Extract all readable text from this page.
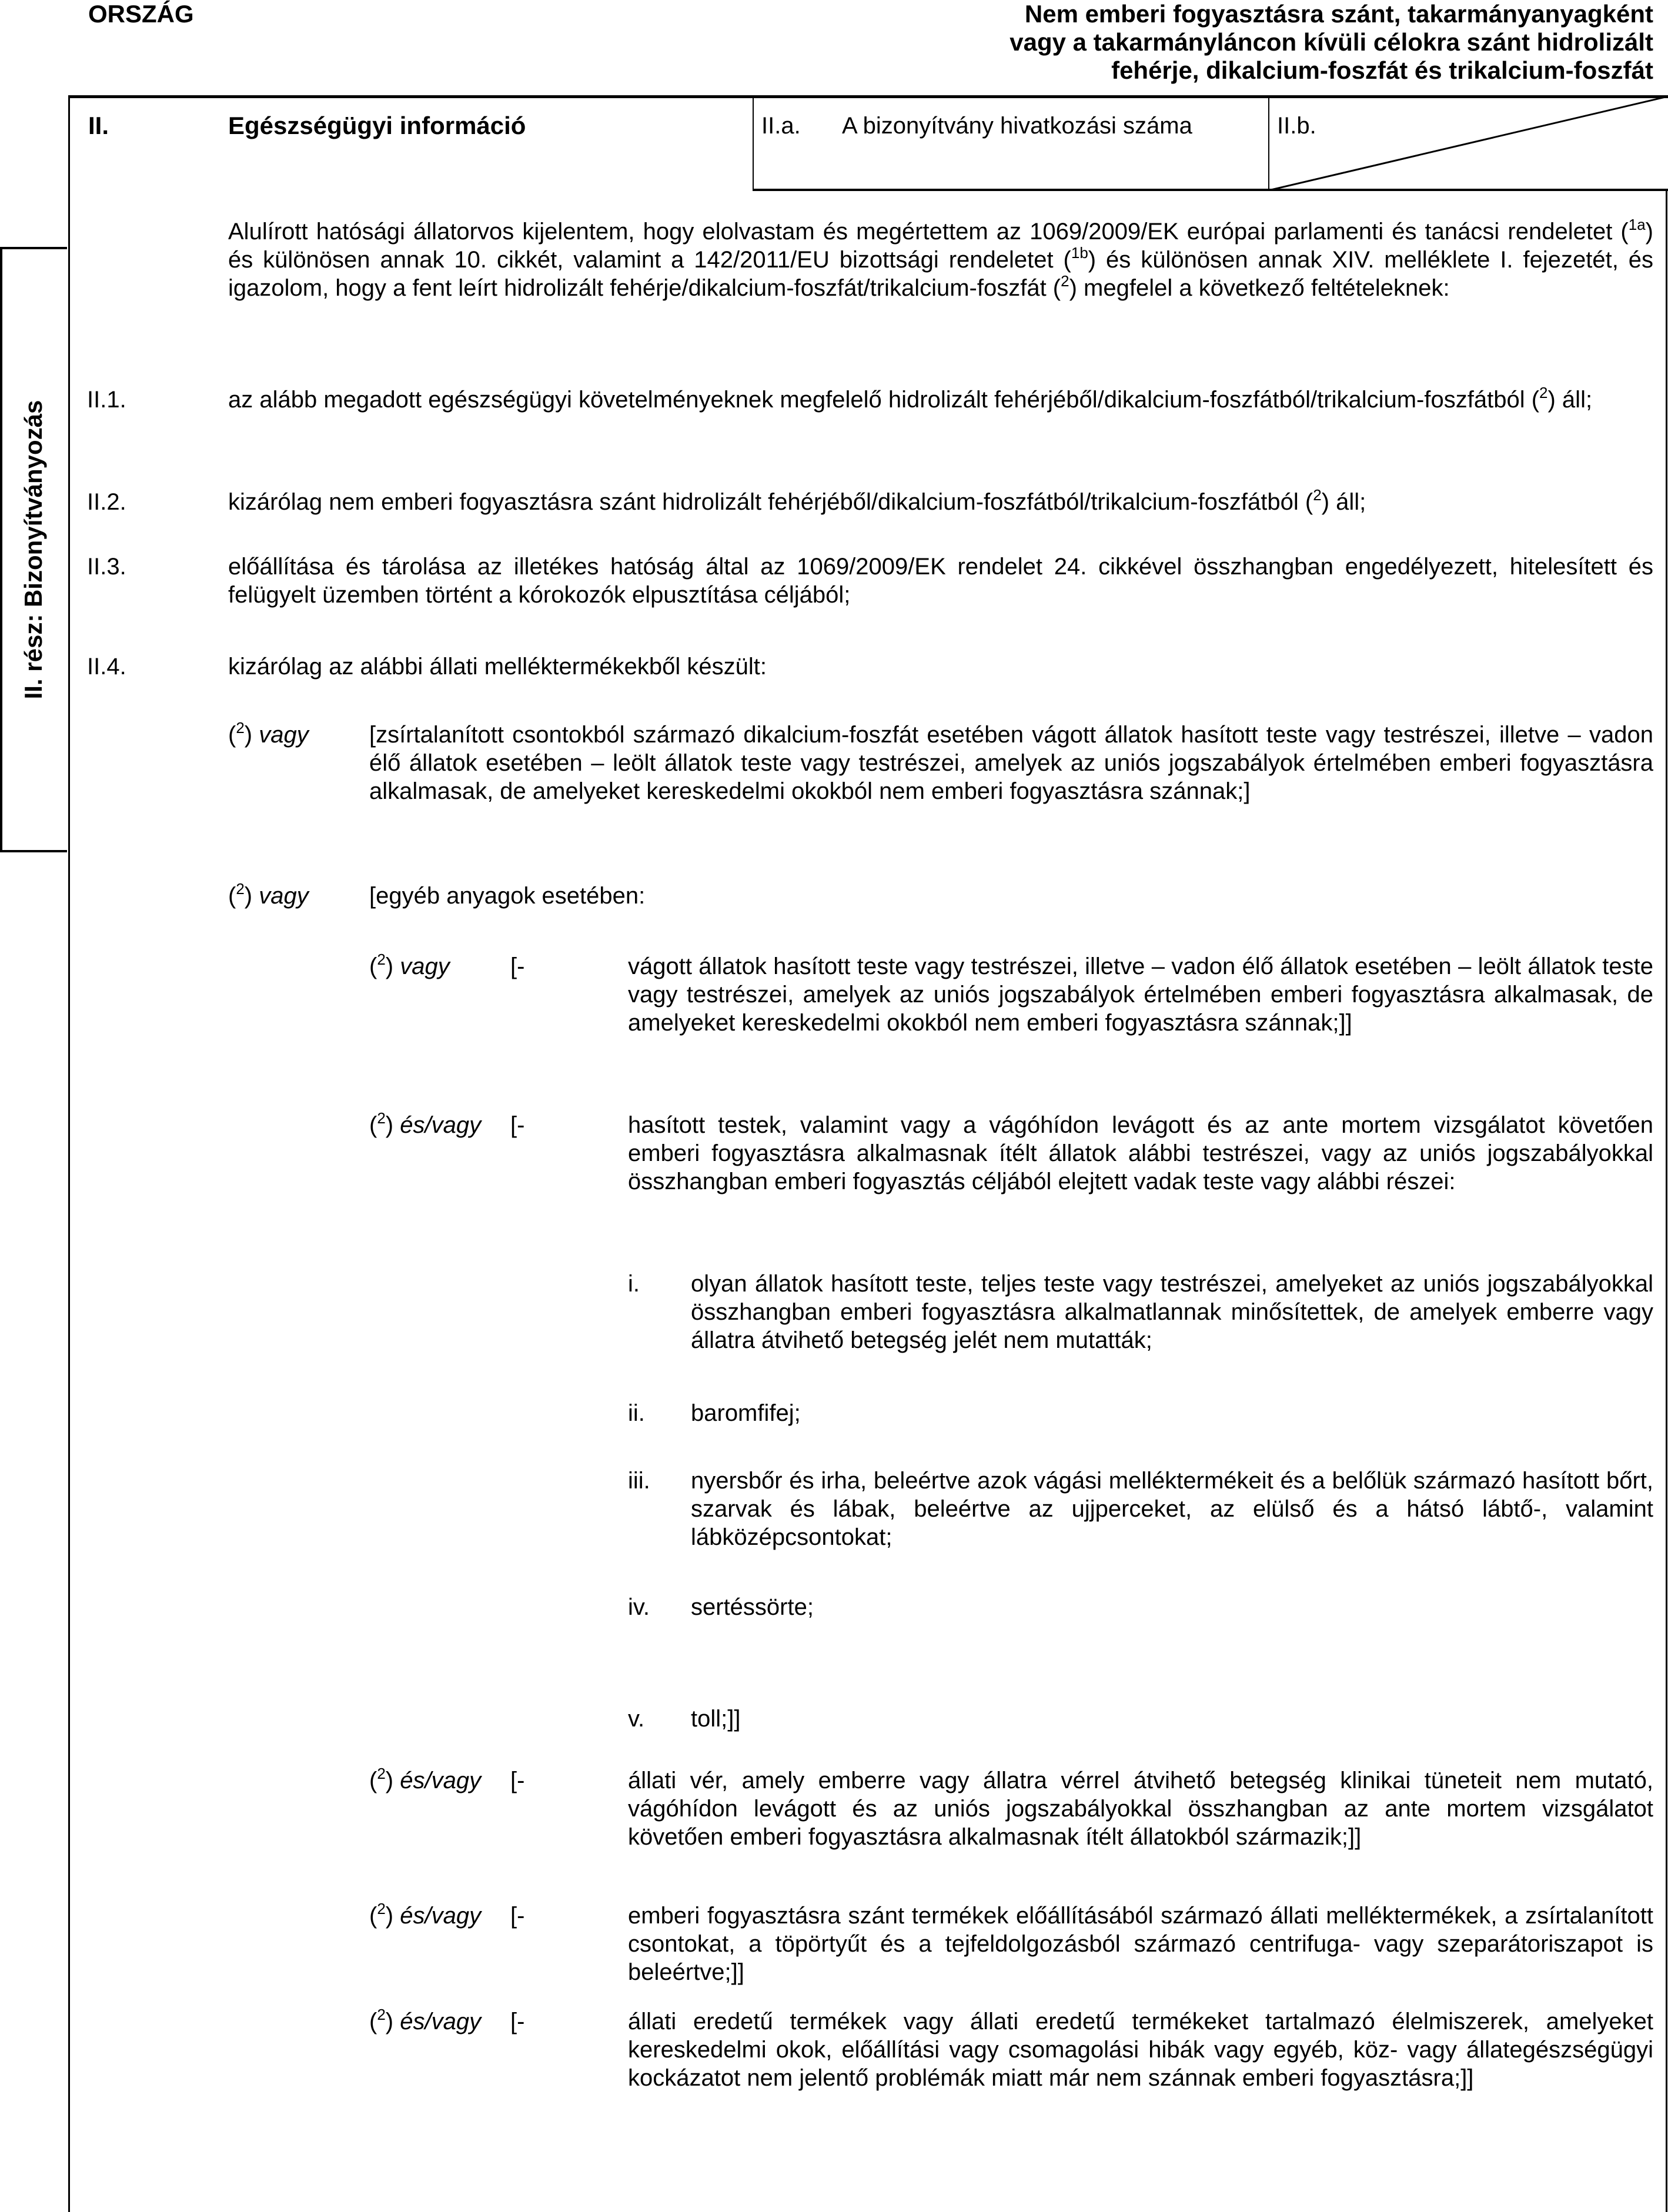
ORSZÁG	Nem emberi fogyasztásra szánt, takarmányanyagként
vagy a takarmányláncon kívüli célokra szánt hidrolizált
fehérje, dikalcium-foszfát és trikalcium-foszfát
II.	Egészségügyi információ	II.a. A bizonyítvány hivatkozási száma	II.b.
II. rész: Bizonyítványozás
Alulírott hatósági állatorvos kijelentem, hogy elolvastam és megértettem az 1069/2009/EK európai parlamenti és tanácsi rendeletet ($^{1a}$) és különösen annak 10. cikkét, valamint a 142/2011/EU bizottsági rendeletet ($^{1b}$) és különösen annak XIV. melléklete I. fejezetét, és igazolom, hogy a fent leírt hidrolizált fehérje/dikalcium-foszfát/trikalcium-foszfát ($^2$) megfelel a következő feltételeknek:
II.1.	az alább megadott egészségügyi követelményeknek megfelelő hidrolizált fehérjéből/dikalcium-foszfátból/trikalcium-foszfátból ($^2$) áll;
II.2.	kizárólag nem emberi fogyasztásra szánt hidrolizált fehérjéből/dikalcium-foszfátból/trikalcium-foszfátból ($^2$) áll;
II.3.	előállítása és tárolása az illetékes hatóság által az 1069/2009/EK rendelet 24. cikkével összhangban engedélyezett, hitelesített és felügyelt üzemben történt a kórokozók elpusztítása céljából;
II.4.	kizárólag az alábbi állati melléktermékekből készült:
($^2$) vagy	[zsírtalanított csontokból származó dikalcium-foszfát esetében vágott állatok hasított teste vagy testrészei, illetve – vadon élő állatok esetében – leölt állatok teste vagy testrészei, amelyek az uniós jogszabályok értelmében emberi fogyasztásra alkalmasak, de amelyeket kereskedelmi okokból nem emberi fogyasztásra szánnak;]
($^2$) vagy	[egyéb anyagok esetében:
($^2$) vagy	[-	vágott állatok hasított teste vagy testrészei, illetve – vadon élő állatok esetében – leölt állatok teste vagy testrészei, amelyek az uniós jogszabályok értelmében emberi fogyasztásra alkalmasak, de amelyeket kereskedelmi okokból nem emberi fogyasztásra szánnak;]]
($^2$) és/vagy [-	hasított testek, valamint vagy a vágóhídon levágott és az ante mortem vizsgálatot követően emberi fogyasztásra alkalmasnak ítélt állatok alábbi testrészei, vagy az uniós jogszabályokkal összhangban emberi fogyasztás céljából elejtett vadak teste vagy alábbi részei:
i. olyan állatok hasított teste, teljes teste vagy testrészei, amelyeket az uniós jogszabályokkal összhangban emberi fogyasztásra alkalmatlannak minősítettek, de amelyek emberre vagy állatra átvihető betegség jelét nem mutatták;
ii. baromfifej;
iii. nyersbőr és irha, beleértve azok vágási melléktermékeit és a belőlük származó hasított bőrt, szarvak és lábak, beleértve az ujjperceket, az elülső és a hátsó lábtő-, valamint lábközépcsontokat;
iv. sertéssörte;
v. toll;]]
($^2$) és/vagy [-	állati vér, amely emberre vagy állatra vérrel átvihető betegség klinikai tüneteit nem mutató, vágóhídon levágott és az uniós jogszabályokkal összhangban az ante mortem vizsgálatot követően emberi fogyasztásra alkalmasnak ítélt állatokból származik;]]
($^2$) és/vagy [-	emberi fogyasztásra szánt termékek előállításából származó állati melléktermékek, a zsírtalanított csontokat, a töpörtyűt és a tejfeldolgozásból származó centrifuga- vagy szeparátoriszapot is beleértve;]]
($^2$) és/vagy [-	állati eredetű termékek vagy állati eredetű termékeket tartalmazó élelmiszerek, amelyeket kereskedelmi okok, előállítási vagy csomagolási hibák vagy egyéb, köz- vagy állategészségügyi kockázatot nem jelentő problémák miatt már nem szánnak emberi fogyasztásra;]]
